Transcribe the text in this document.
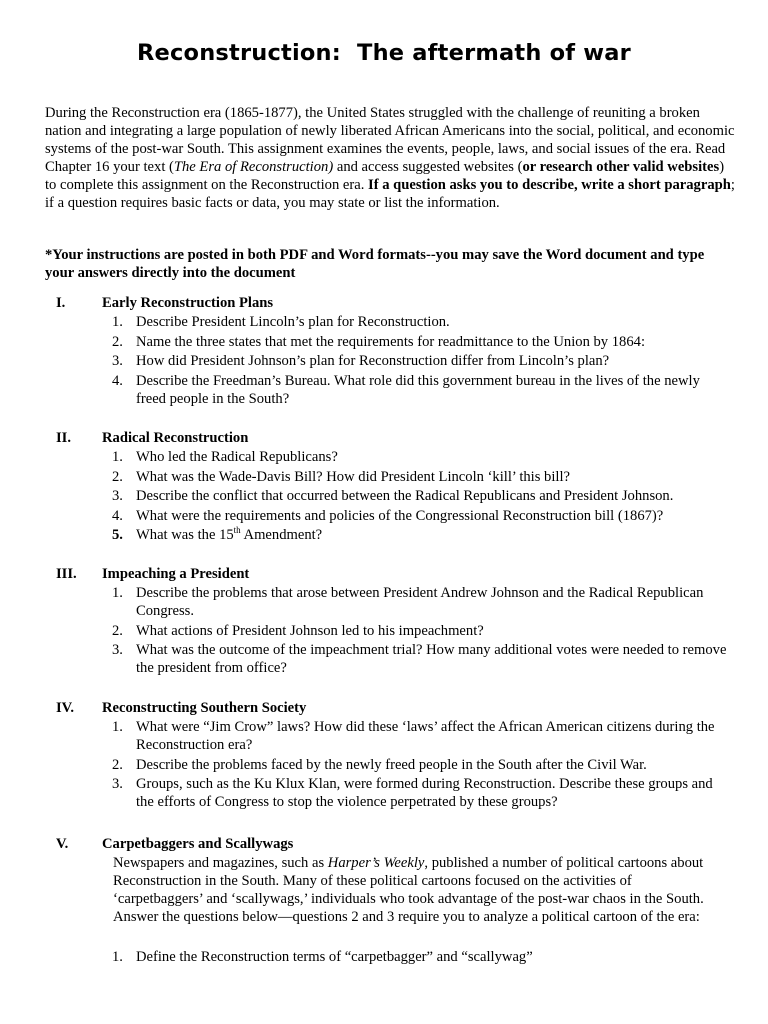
Reconstruction:  The aftermath of war

During the Reconstruction era (1865-1877), the United States struggled with the challenge of reuniting a broken nation and integrating a large population of newly liberated African Americans into the social, political, and economic systems of the post-war South. This assignment examines the events, people, laws, and social issues of the era. Read Chapter 16 your text (The Era of Reconstruction) and access suggested websites (or research other valid websites) to complete this assignment on the Reconstruction era. If a question asks you to describe, write a short paragraph; if a question requires basic facts or data, you may state or list the information.

*Your instructions are posted in both PDF and Word formats--you may save the Word document and type your answers directly into the document

I.	Early Reconstruction Plans
1. Describe President Lincoln’s plan for Reconstruction.
2. Name the three states that met the requirements for readmittance to the Union by 1864:
3. How did President Johnson’s plan for Reconstruction differ from Lincoln’s plan?
4. Describe the Freedman’s Bureau. What role did this government bureau in the lives of the newly freed people in the South?
II. Radical Reconstruction
1. Who led the Radical Republicans?
2. What was the Wade-Davis Bill? How did President Lincoln ‘kill’ this bill?
3. Describe the conflict that occurred between the Radical Republicans and President Johnson.
4. What were the requirements and policies of the Congressional Reconstruction bill (1867)?
5. What was the 15th Amendment?
III. Impeaching a President
1. Describe the problems that arose between President Andrew Johnson and the Radical Republican Congress.
2. What actions of President Johnson led to his impeachment?
3. What was the outcome of the impeachment trial? How many additional votes were needed to remove the president from office?
IV. Reconstructing Southern Society
1. What were “Jim Crow” laws? How did these ‘laws’ affect the African American citizens during the Reconstruction era?
2. Describe the problems faced by the newly freed people in the South after the Civil War.
3. Groups, such as the Ku Klux Klan, were formed during Reconstruction. Describe these groups and the efforts of Congress to stop the violence perpetrated by these groups?
V. Carpetbaggers and Scallywags

Newspapers and magazines, such as Harper’s Weekly, published a number of political cartoons about Reconstruction in the South. Many of these political cartoons focused on the activities of ‘carpetbaggers’ and ‘scallywags,’ individuals who took advantage of the post-war chaos in the South. Answer the questions below—questions 2 and 3 require you to analyze a political cartoon of the era:

1. Define the Reconstruction terms of “carpetbagger” and “scallywag”
